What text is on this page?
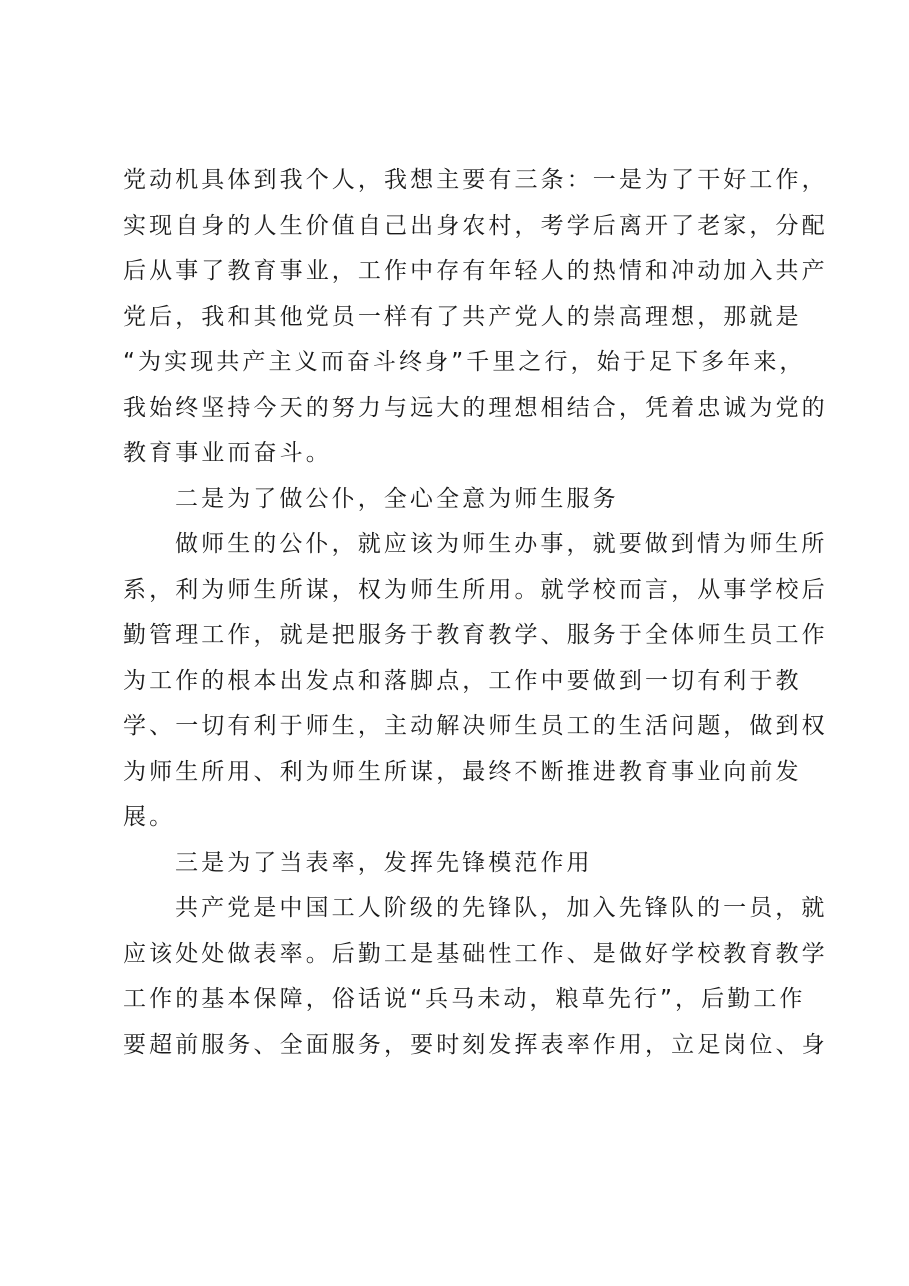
党动机具体到我个人，我想主要有三条：一是为了干好工作，
实现自身的人生价值自己出身农村，考学后离开了老家，分配
后从事了教育事业，工作中存有年轻人的热情和冲动加入共产
党后，我和其他党员一样有了共产党人的崇高理想，那就是
“为实现共产主义而奋斗终身”千里之行，始于足下多年来，
我始终坚持今天的努力与远大的理想相结合，凭着忠诚为党的
教育事业而奋斗。
二是为了做公仆，全心全意为师生服务
做师生的公仆，就应该为师生办事，就要做到情为师生所
系，利为师生所谋，权为师生所用。就学校而言，从事学校后
勤管理工作，就是把服务于教育教学、服务于全体师生员工作
为工作的根本出发点和落脚点，工作中要做到一切有利于教
学、一切有利于师生，主动解决师生员工的生活问题，做到权
为师生所用、利为师生所谋，最终不断推进教育事业向前发
展。
三是为了当表率，发挥先锋模范作用
共产党是中国工人阶级的先锋队，加入先锋队的一员，就
应该处处做表率。后勤工是基础性工作、是做好学校教育教学
工作的基本保障，俗话说“兵马未动，粮草先行”，后勤工作
要超前服务、全面服务，要时刻发挥表率作用，立足岗位、身
